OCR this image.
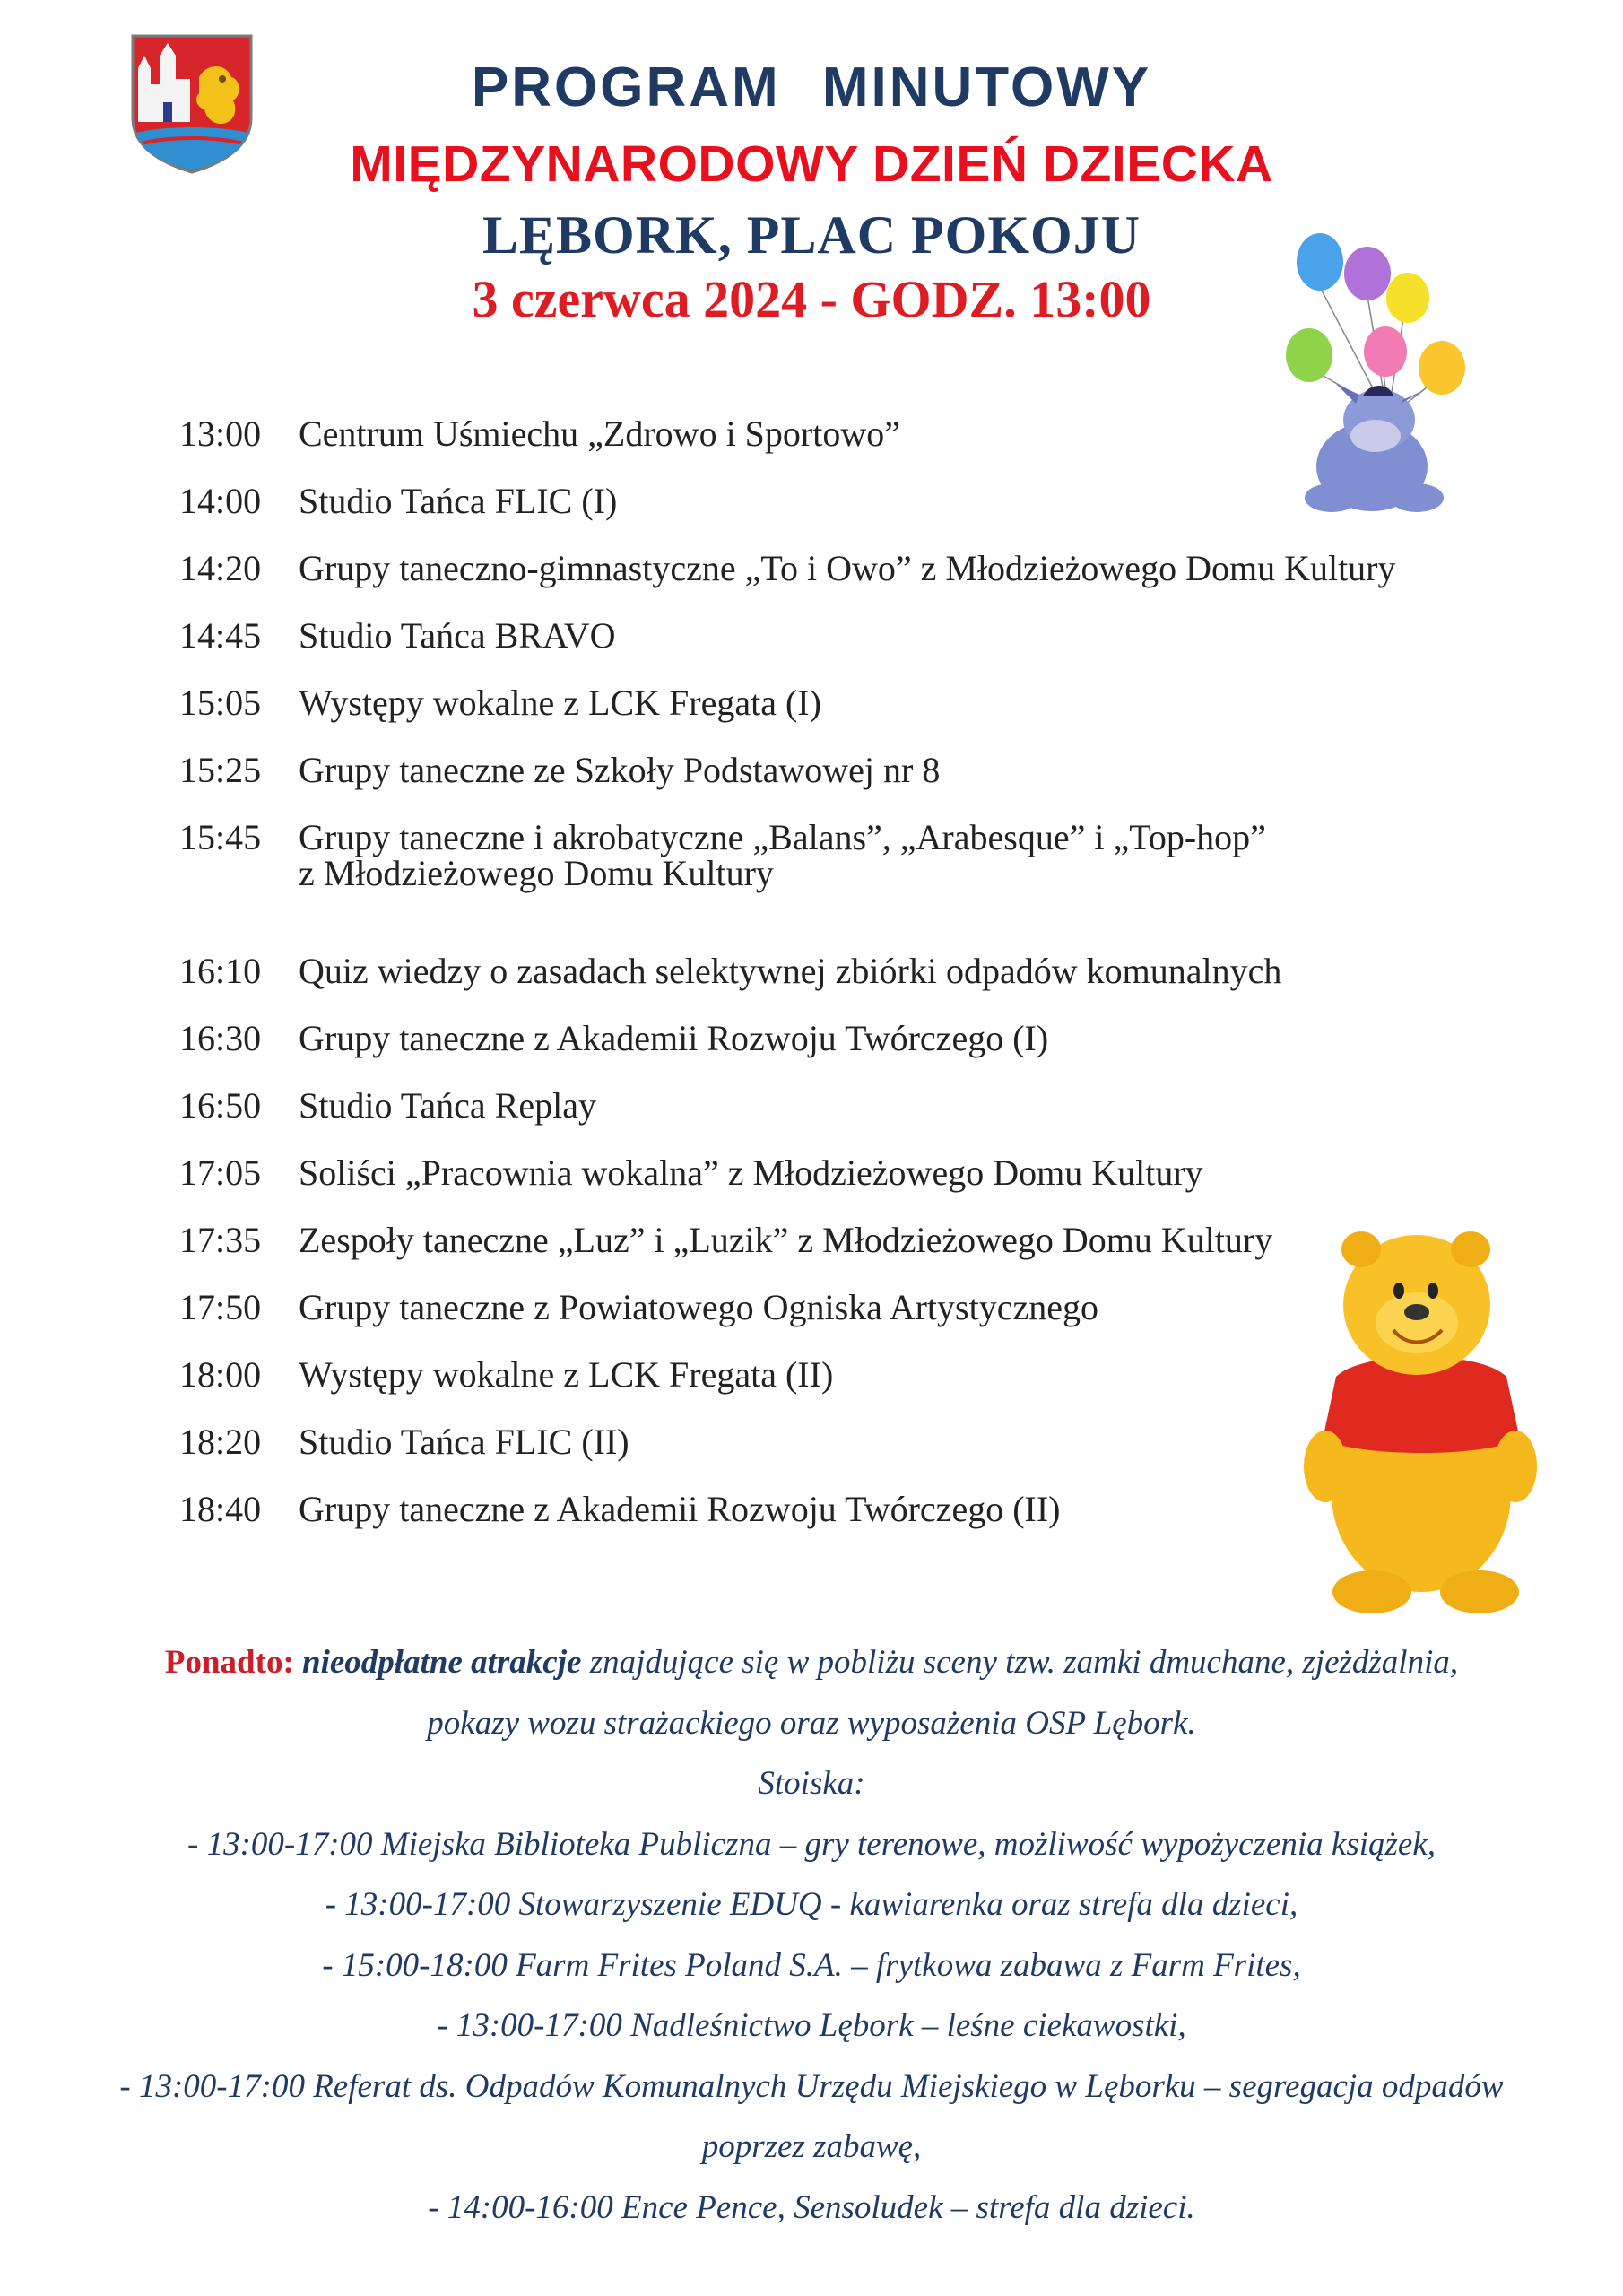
PROGRAM MINUTOWY
MIĘDZYNARODOWY DZIEŃ DZIECKA
LĘBORK, PLAC POKOJU
3 czerwca 2024 - GODZ. 13:00
13:00 Centrum Uśmiechu „Zdrowo i Sportowo”
14:00 Studio Tańca FLIC (I)
14:20 Grupy taneczno-gimnastyczne „To i Owo” z Młodzieżowego Domu Kultury
14:45 Studio Tańca BRAVO
15:05 Występy wokalne z LCK Fregata (I)
15:25 Grupy taneczne ze Szkoły Podstawowej nr 8
15:45 Grupy taneczne i akrobatyczne „Balans”, „Arabesque” i „Top-hop”
z Młodzieżowego Domu Kultury
16:10 Quiz wiedzy o zasadach selektywnej zbiórki odpadów komunalnych
16:30 Grupy taneczne z Akademii Rozwoju Twórczego (I)
16:50 Studio Tańca Replay
17:05 Soliści „Pracownia wokalna” z Młodzieżowego Domu Kultury
17:35 Zespoły taneczne „Luz” i „Luzik” z Młodzieżowego Domu Kultury
17:50 Grupy taneczne z Powiatowego Ogniska Artystycznego
18:00 Występy wokalne z LCK Fregata (II)
18:20 Studio Tańca FLIC (II)
18:40 Grupy taneczne z Akademii Rozwoju Twórczego (II)

Ponadto: nieodpłatne atrakcje znajdujące się w pobliżu sceny tzw. zamki dmuchane, zjeżdżalnia,

pokazy wozu strażackiego oraz wyposażenia OSP Lębork.

Stoiska:

- 13:00-17:00 Miejska Biblioteka Publiczna – gry terenowe, możliwość wypożyczenia książek,

- 13:00-17:00 Stowarzyszenie EDUQ - kawiarenka oraz strefa dla dzieci,

- 15:00-18:00 Farm Frites Poland S.A. – frytkowa zabawa z Farm Frites,

- 13:00-17:00 Nadleśnictwo Lębork – leśne ciekawostki,

- 13:00-17:00 Referat ds. Odpadów Komunalnych Urzędu Miejskiego w Lęborku – segregacja odpadów

poprzez zabawę,

- 14:00-16:00 Ence Pence, Sensoludek – strefa dla dzieci.
